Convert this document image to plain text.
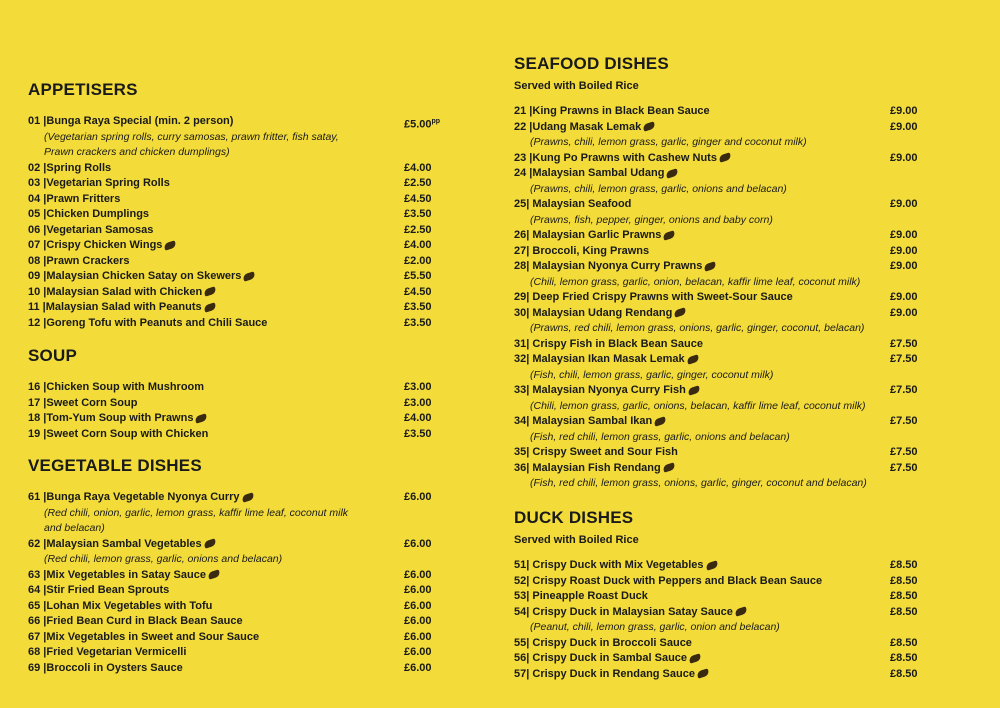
APPETISERS
01 |Bunga Raya Special (min. 2 person)	$£5.00^{pp}$
(Vegetarian spring rolls, curry samosas, prawn fritter, fish satay,
Prawn crackers and chicken dumplings)
02 |Spring Rolls	£4.00
03 |Vegetarian Spring Rolls	£2.50
04 |Prawn Fritters	£4.50
05 |Chicken Dumplings	£3.50
06 |Vegetarian Samosas	£2.50
07 |Crispy Chicken Wings	£4.00
08 |Prawn Crackers	£2.00
09 |Malaysian Chicken Satay on Skewers	£5.50
10 |Malaysian Salad with Chicken	£4.50
11 |Malaysian Salad with Peanuts	£3.50
12 |Goreng Tofu with Peanuts and Chili Sauce	£3.50
SOUP
16 |Chicken Soup with Mushroom	£3.00
17 |Sweet Corn Soup	£3.00
18 |Tom-Yum Soup with Prawns	£4.00
19 |Sweet Corn Soup with Chicken	£3.50
VEGETABLE DISHES
61 |Bunga Raya Vegetable Nyonya Curry	£6.00
(Red chili, onion, garlic, lemon grass, kaffir lime leaf, coconut milk
and belacan)
62 |Malaysian Sambal Vegetables	£6.00
(Red chili, lemon grass, garlic, onions and belacan)
63 |Mix Vegetables in Satay Sauce	£6.00
64 |Stir Fried Bean Sprouts	£6.00
65 |Lohan Mix Vegetables with Tofu	£6.00
66 |Fried Bean Curd in Black Bean Sauce	£6.00
67 |Mix Vegetables in Sweet and Sour Sauce	£6.00
68 |Fried Vegetarian Vermicelli	£6.00
69 |Broccoli in Oysters Sauce	£6.00
SEAFOOD DISHES
Served with Boiled Rice
21 |King Prawns in Black Bean Sauce	£9.00
22 |Udang Masak Lemak	£9.00
(Prawns, chili, lemon grass, garlic, ginger and coconut milk)
23 |Kung Po Prawns with Cashew Nuts	£9.00
24 |Malaysian Sambal Udang
(Prawns, chili, lemon grass, garlic, onions and belacan)
25| Malaysian Seafood	£9.00
(Prawns, fish, pepper, ginger, onions and baby corn)
26| Malaysian Garlic Prawns	£9.00
27| Broccoli, King Prawns	£9.00
28| Malaysian Nyonya Curry Prawns	£9.00
(Chili, lemon grass, garlic, onion, belacan, kaffir lime leaf, coconut milk)
29| Deep Fried Crispy Prawns with Sweet-Sour Sauce	£9.00
30| Malaysian Udang Rendang	£9.00
(Prawns, red chili, lemon grass, onions, garlic, ginger, coconut, belacan)
31| Crispy Fish in Black Bean Sauce	£7.50
32| Malaysian Ikan Masak Lemak	£7.50
(Fish, chili, lemon grass, garlic, ginger, coconut milk)
33| Malaysian Nyonya Curry Fish	£7.50
(Chili, lemon grass, garlic, onions, belacan, kaffir lime leaf, coconut milk)
34| Malaysian Sambal Ikan	£7.50
(Fish, red chili, lemon grass, garlic, onions and belacan)
35| Crispy Sweet and Sour Fish	£7.50
36| Malaysian Fish Rendang	£7.50
(Fish, red chili, lemon grass, onions, garlic, ginger, coconut and belacan)
DUCK DISHES
Served with Boiled Rice
51| Crispy Duck with Mix Vegetables	£8.50
52| Crispy Roast Duck with Peppers and Black Bean Sauce	£8.50
53| Pineapple Roast Duck	£8.50
54| Crispy Duck in Malaysian Satay Sauce	£8.50
(Peanut, chili, lemon grass, garlic, onion and belacan)
55| Crispy Duck in Broccoli Sauce	£8.50
56| Crispy Duck in Sambal Sauce	£8.50
57| Crispy Duck in Rendang Sauce	£8.50
